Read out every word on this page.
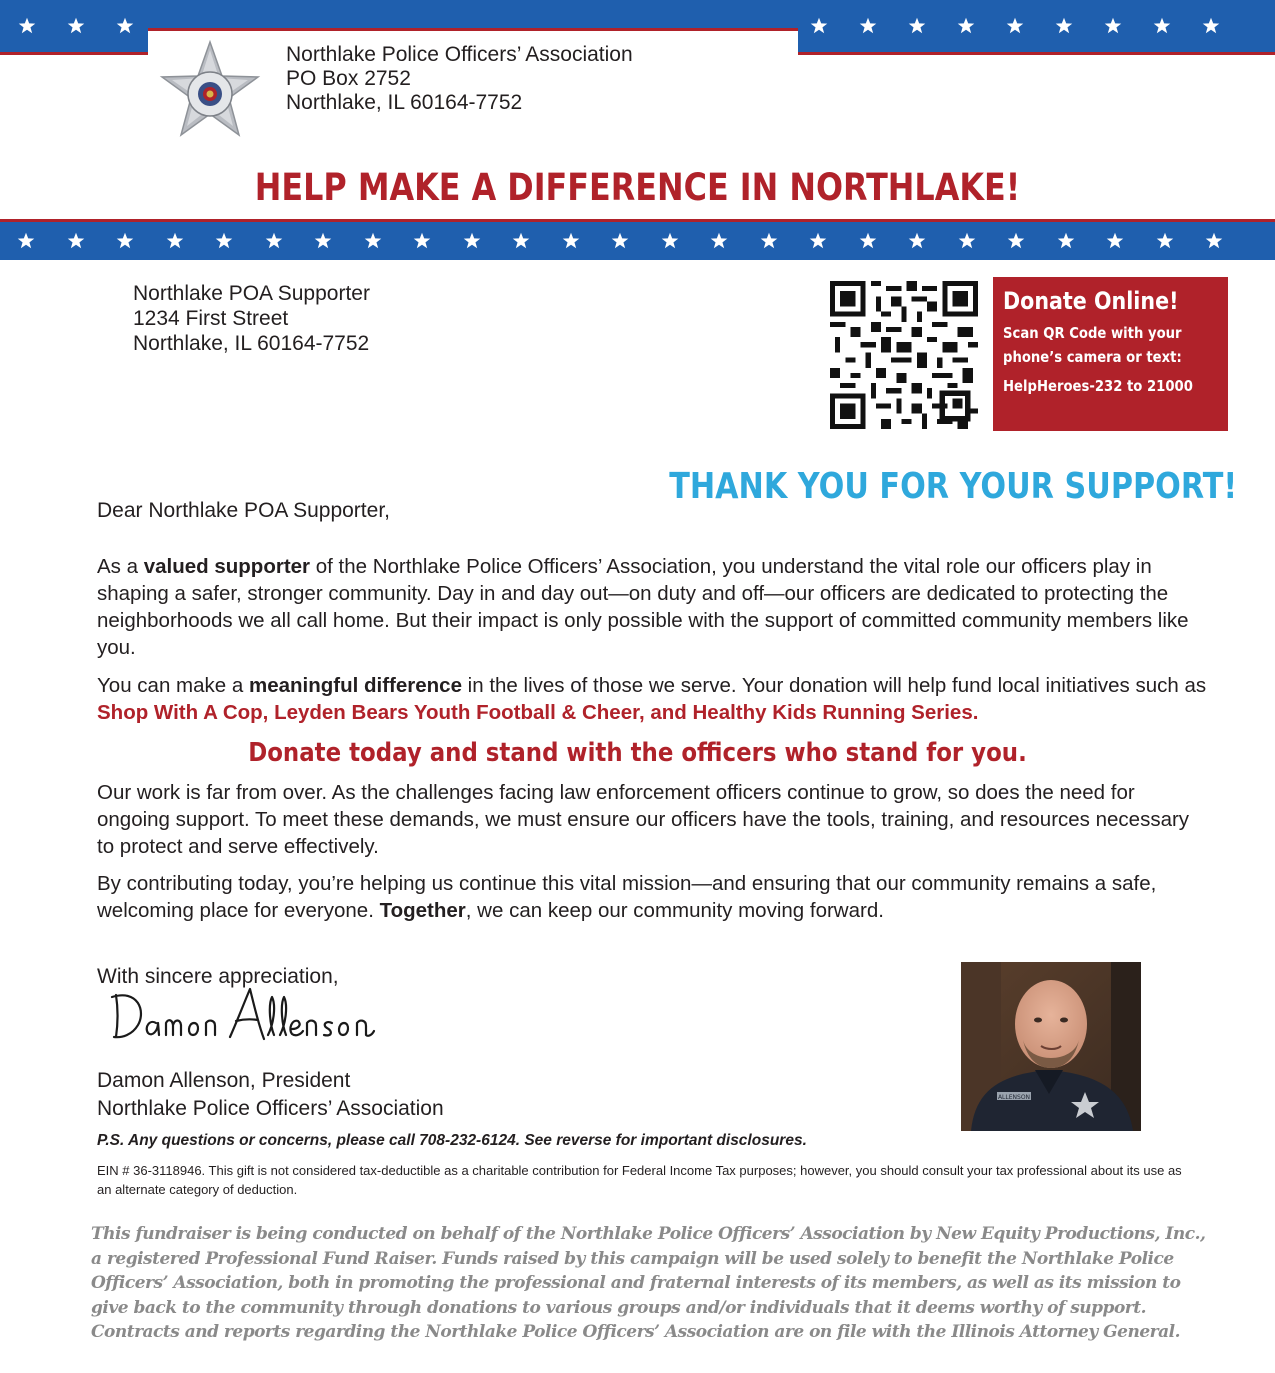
Northlake Police Officers’ Association
PO Box 2752
Northlake, IL 60164-7752
HELP MAKE A DIFFERENCE IN NORTHLAKE!
Northlake POA Supporter
1234 First Street
Northlake, IL 60164-7752
Donate Online!
Scan QR Code with your
phone’s camera or text:
HelpHeroes-232 to 21000
THANK YOU FOR YOUR SUPPORT!
Dear Northlake POA Supporter,
As a valued supporter of the Northlake Police Officers’ Association, you understand the vital role our officers play in shaping a safer, stronger community. Day in and day out—on duty and off—our officers are dedicated to protecting the neighborhoods we all call home. But their impact is only possible with the support of committed community members like you.
You can make a meaningful difference in the lives of those we serve. Your donation will help fund local initiatives such as Shop With A Cop, Leyden Bears Youth Football & Cheer, and Healthy Kids Running Series.
Donate today and stand with the officers who stand for you.
Our work is far from over. As the challenges facing law enforcement officers continue to grow, so does the need for ongoing support. To meet these demands, we must ensure our officers have the tools, training, and resources necessary to protect and serve effectively.
By contributing today, you’re helping us continue this vital mission—and ensuring that our community remains a safe, welcoming place for everyone. Together, we can keep our community moving forward.
With sincere appreciation,
Damon Allenson, President
Northlake Police Officers’ Association	ALLENSON
P.S. Any questions or concerns, please call 708-232-6124. See reverse for important disclosures.
EIN # 36-3118946. This gift is not considered tax-deductible as a charitable contribution for Federal Income Tax purposes; however, you should consult your tax professional about its use as an alternate category of deduction.
This fundraiser is being conducted on behalf of the Northlake Police Officers’ Association by New Equity Productions, Inc., a registered Professional Fund Raiser. Funds raised by this campaign will be used solely to benefit the Northlake Police Officers’ Association, both in promoting the professional and fraternal interests of its members, as well as its mission to give back to the community through donations to various groups and/or individuals that it deems worthy of support. Contracts and reports regarding the Northlake Police Officers’ Association are on file with the Illinois Attorney General.
